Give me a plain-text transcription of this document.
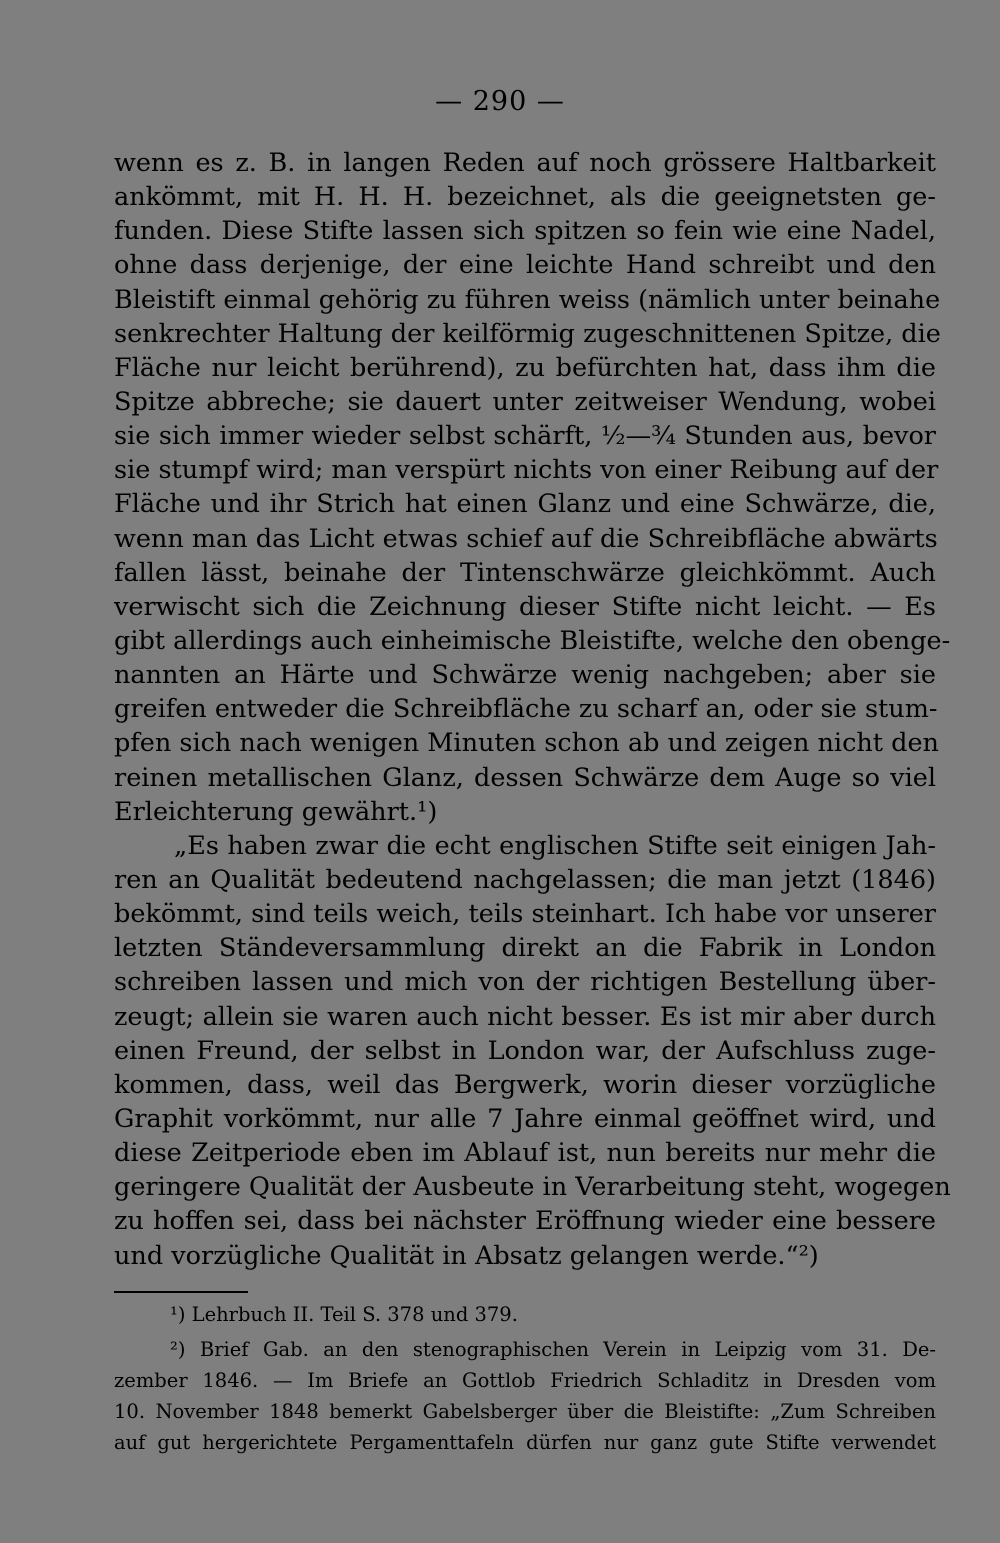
— 290 —
wenn es z. B. in langen Reden auf noch grössere Haltbarkeit
ankömmt, mit H. H. H. bezeichnet, als die geeignetsten ge-
funden. Diese Stifte lassen sich spitzen so fein wie eine Nadel,
ohne dass derjenige, der eine leichte Hand schreibt und den
Bleistift einmal gehörig zu führen weiss (nämlich unter beinahe
senkrechter Haltung der keilförmig zugeschnittenen Spitze, die
Fläche nur leicht berührend), zu befürchten hat, dass ihm die
Spitze abbreche; sie dauert unter zeitweiser Wendung, wobei
sie sich immer wieder selbst schärft, ½—¾ Stunden aus, bevor
sie stumpf wird; man verspürt nichts von einer Reibung auf der
Fläche und ihr Strich hat einen Glanz und eine Schwärze, die,
wenn man das Licht etwas schief auf die Schreibfläche abwärts
fallen lässt, beinahe der Tintenschwärze gleichkömmt. Auch
verwischt sich die Zeichnung dieser Stifte nicht leicht. — Es
gibt allerdings auch einheimische Bleistifte, welche den obenge-
nannten an Härte und Schwärze wenig nachgeben; aber sie
greifen entweder die Schreibfläche zu scharf an, oder sie stum-
pfen sich nach wenigen Minuten schon ab und zeigen nicht den
reinen metallischen Glanz, dessen Schwärze dem Auge so viel
Erleichterung gewährt.¹)
„Es haben zwar die echt englischen Stifte seit einigen Jah-
ren an Qualität bedeutend nachgelassen; die man jetzt (1846)
bekömmt, sind teils weich, teils steinhart. Ich habe vor unserer
letzten Ständeversammlung direkt an die Fabrik in London
schreiben lassen und mich von der richtigen Bestellung über-
zeugt; allein sie waren auch nicht besser. Es ist mir aber durch
einen Freund, der selbst in London war, der Aufschluss zuge-
kommen, dass, weil das Bergwerk, worin dieser vorzügliche
Graphit vorkömmt, nur alle 7 Jahre einmal geöffnet wird, und
diese Zeitperiode eben im Ablauf ist, nun bereits nur mehr die
geringere Qualität der Ausbeute in Verarbeitung steht, wogegen
zu hoffen sei, dass bei nächster Eröffnung wieder eine bessere
und vorzügliche Qualität in Absatz gelangen werde.“²)
¹) Lehrbuch II. Teil S. 378 und 379.
²) Brief Gab. an den stenographischen Verein in Leipzig vom 31. De-
zember 1846. — Im Briefe an Gottlob Friedrich Schladitz in Dresden vom
10. November 1848 bemerkt Gabelsberger über die Bleistifte: „Zum Schreiben
auf gut hergerichtete Pergamenttafeln dürfen nur ganz gute Stifte verwendet
